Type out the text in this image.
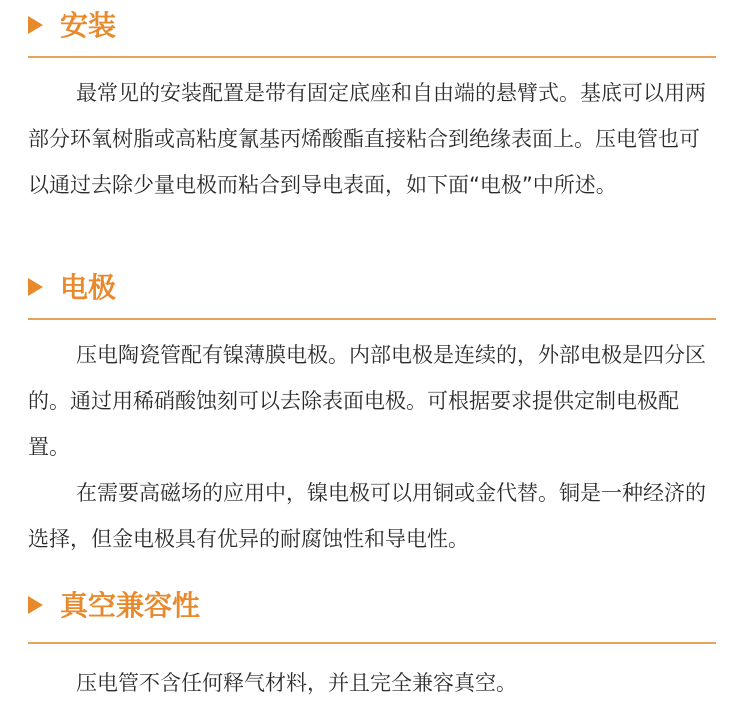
安装

最常见的安装配置是带有固定底座和自由端的悬臂式。基底可以用两部分环氧树脂或高粘度氰基丙烯酸酯直接粘合到绝缘表面上。压电管也可以通过去除少量电极而粘合到导电表面，如下面“电极”中所述。

电极

压电陶瓷管配有镍薄膜电极。内部电极是连续的，外部电极是四分区的。通过用稀硝酸蚀刻可以去除表面电极。可根据要求提供定制电极配置。

在需要高磁场的应用中，镍电极可以用铜或金代替。铜是一种经济的选择，但金电极具有优异的耐腐蚀性和导电性。

真空兼容性

压电管不含任何释气材料，并且完全兼容真空。
